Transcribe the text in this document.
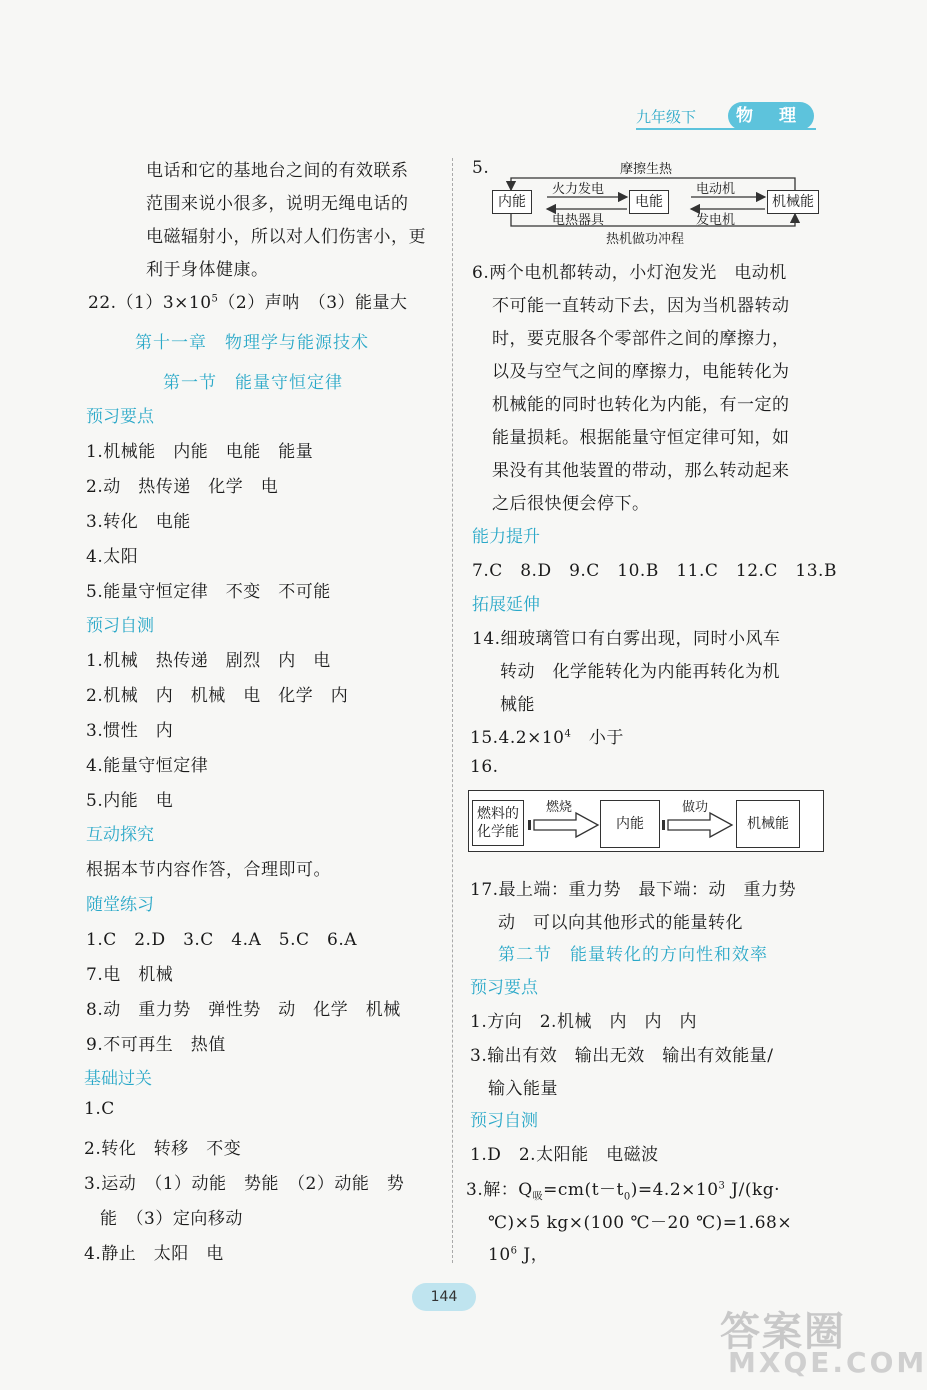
九年级下	物 理
电话和它的基地台之间的有效联系
范围来说小很多，说明无绳电话的
电磁辐射小，所以对人们伤害小，更
利于身体健康。
$22.(1)3\times 10^5(2)$声呐　（3）能量大
第十一章　物理学与能源技术
第一节　能量守恒定律
预习要点
1.机械能　内能　电能　能量
2.动　热传递　化学　电
3.转化　电能
4.太阳
5.能量守恒定律　不变　不可能
预习自测
1.机械　热传递　剧烈　内　电
2.机械　内　机械　电　化学　内
3.惯性　内
4.能量守恒定律
5.内能　电
互动探究
根据本节内容作答，合理即可。
随堂练习
1.C　2.D　3.C　4.A　5.C　6.A
7.电　机械
8.动　重力势　弹性势　动　化学　机械
9.不可再生　热值
基础过关
1.C
2.转化　转移　不变
3.运动　（1）动能　势能　（2）动能　势
能　（3）定向移动
4.静止　太阳　电
5.	摩擦生热
热机做功冲程
内能	电能	机械能
火力发电
电热器具
电动机
发电机
6.两个电机都转动，小灯泡发光　电动机
不可能一直转动下去，因为当机器转动
时，要克服各个零部件之间的摩擦力，
以及与空气之间的摩擦力，电能转化为
机械能的同时也转化为内能，有一定的
能量损耗。根据能量守恒定律可知，如
果没有其他装置的带动，那么转动起来
之后很快便会停下。
能力提升
7.C　8.D　9.C　10.B　11.C　12.C　13.B
拓展延伸
14.细玻璃管口有白雾出现，同时小风车
转动　化学能转化为内能再转化为机
械能
$15.4.2\times 10^4$　小于
16.
燃料的
化学能	内能	机械能
燃烧	做功
17.最上端：重力势　最下端：动　重力势
动　可以向其他形式的能量转化
第二节　能量转化的方向性和效率
预习要点
1.方向　2.机械　内　内　内
3.输出有效　输出无效　输出有效能量/
输入能量
预习自测
1.D　2.太阳能　电磁波
3.解：$Q_吸=cm(t-t_0)=4.2\times 10^3$ J/(kg·
℃)×5 kg×(100 ℃－20 ℃)=1.68×
$10^6$ J，
144
答案圈
MXQE.COM
